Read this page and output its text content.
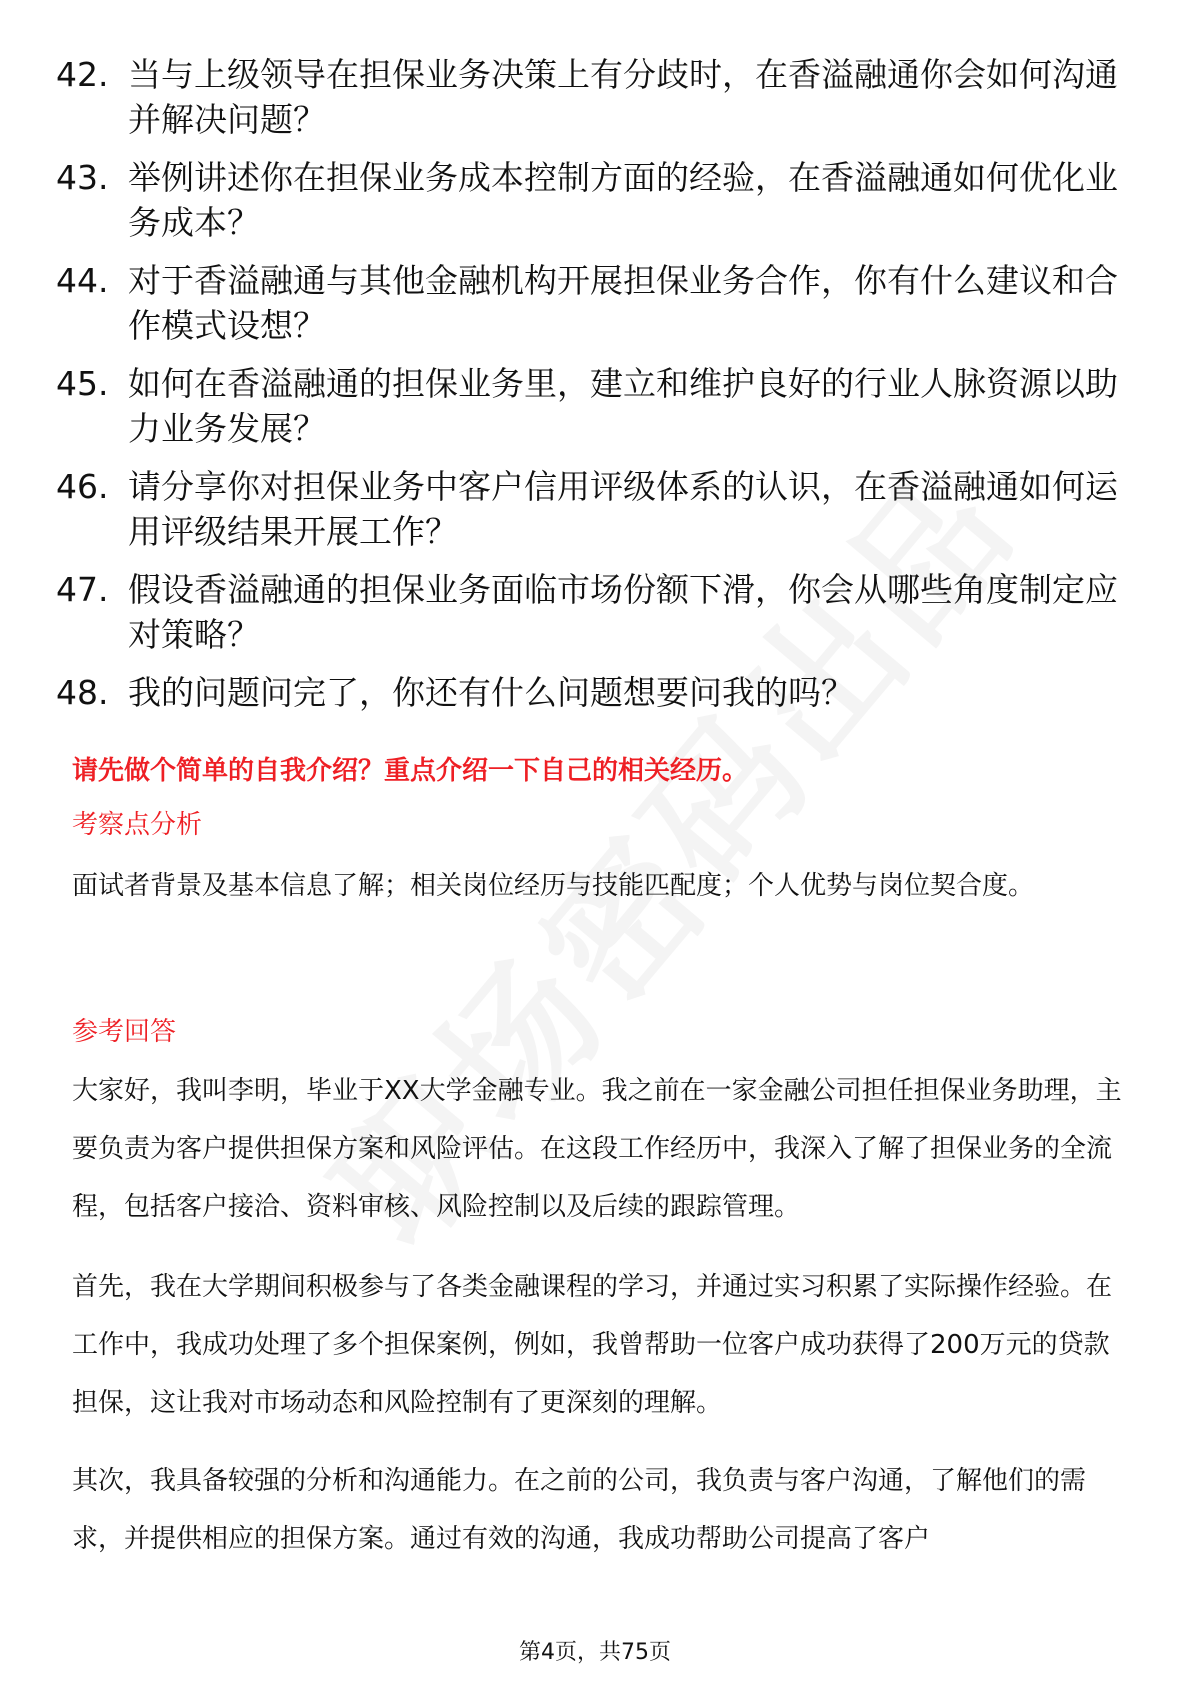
42. 当与上级领导在担保业务决策上有分歧时，在香溢融通你会如何沟通并解决问题？
43. 举例讲述你在担保业务成本控制方面的经验，在香溢融通如何优化业务成本？
44. 对于香溢融通与其他金融机构开展担保业务合作，你有什么建议和合作模式设想？
45. 如何在香溢融通的担保业务里，建立和维护良好的行业人脉资源以助力业务发展？
46. 请分享你对担保业务中客户信用评级体系的认识，在香溢融通如何运用评级结果开展工作？
47. 假设香溢融通的担保业务面临市场份额下滑，你会从哪些角度制定应对策略？
48. 我的问题问完了，你还有什么问题想要问我的吗？
请先做个简单的自我介绍？重点介绍一下自己的相关经历。
考察点分析
面试者背景及基本信息了解；相关岗位经历与技能匹配度；个人优势与岗位契合度。
参考回答
大家好，我叫李明，毕业于XX大学金融专业。我之前在一家金融公司担任担保业务助理，主要负责为客户提供担保方案和风险评估。在这段工作经历中，我深入了解了担保业务的全流程，包括客户接洽、资料审核、风险控制以及后续的跟踪管理。
首先，我在大学期间积极参与了各类金融课程的学习，并通过实习积累了实际操作经验。在工作中，我成功处理了多个担保案例，例如，我曾帮助一位客户成功获得了200万元的贷款担保，这让我对市场动态和风险控制有了更深刻的理解。
其次，我具备较强的分析和沟通能力。在之前的公司，我负责与客户沟通，了解他们的需求，并提供相应的担保方案。通过有效的沟通，我成功帮助公司提高了客户
第4页，共75页
